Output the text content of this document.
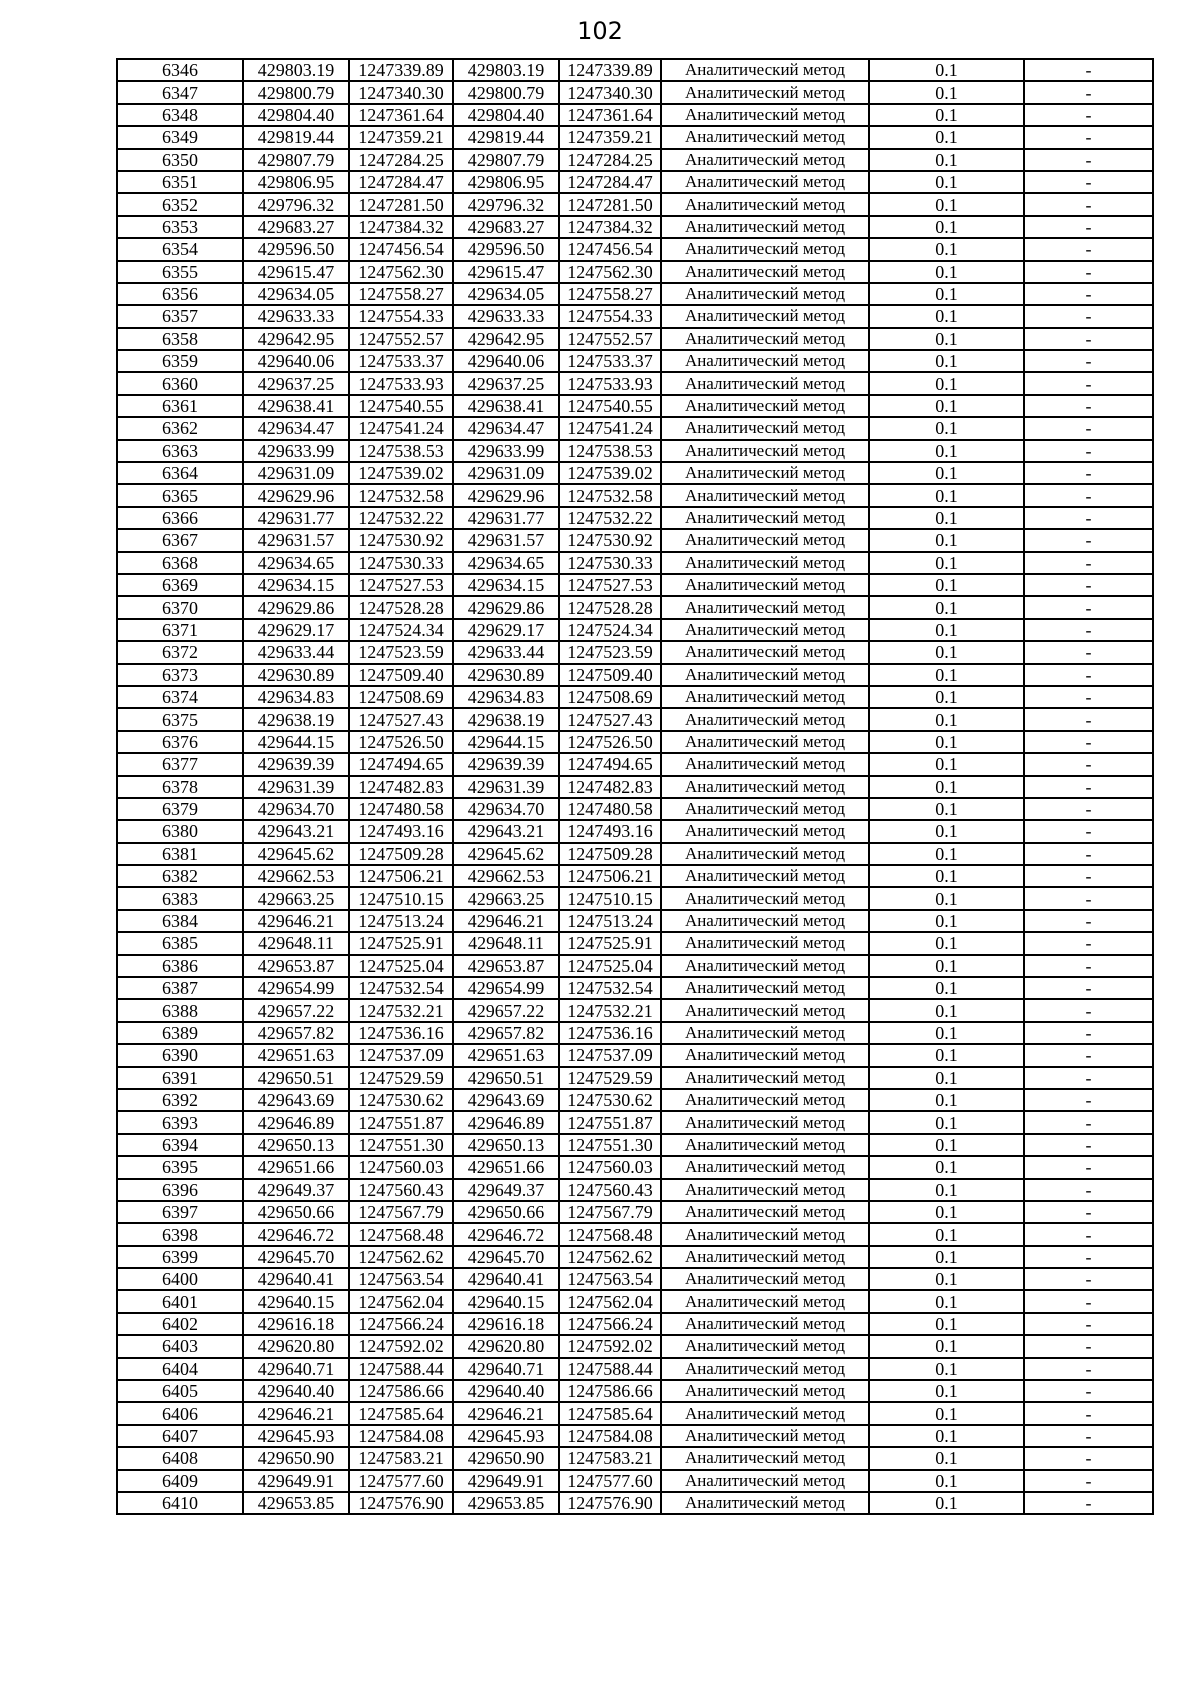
102
6346	429803.19	1247339.89	429803.19	1247339.89	Аналитический метод	0.1	-
6347	429800.79	1247340.30	429800.79	1247340.30	Аналитический метод	0.1	-
6348	429804.40	1247361.64	429804.40	1247361.64	Аналитический метод	0.1	-
6349	429819.44	1247359.21	429819.44	1247359.21	Аналитический метод	0.1	-
6350	429807.79	1247284.25	429807.79	1247284.25	Аналитический метод	0.1	-
6351	429806.95	1247284.47	429806.95	1247284.47	Аналитический метод	0.1	-
6352	429796.32	1247281.50	429796.32	1247281.50	Аналитический метод	0.1	-
6353	429683.27	1247384.32	429683.27	1247384.32	Аналитический метод	0.1	-
6354	429596.50	1247456.54	429596.50	1247456.54	Аналитический метод	0.1	-
6355	429615.47	1247562.30	429615.47	1247562.30	Аналитический метод	0.1	-
6356	429634.05	1247558.27	429634.05	1247558.27	Аналитический метод	0.1	-
6357	429633.33	1247554.33	429633.33	1247554.33	Аналитический метод	0.1	-
6358	429642.95	1247552.57	429642.95	1247552.57	Аналитический метод	0.1	-
6359	429640.06	1247533.37	429640.06	1247533.37	Аналитический метод	0.1	-
6360	429637.25	1247533.93	429637.25	1247533.93	Аналитический метод	0.1	-
6361	429638.41	1247540.55	429638.41	1247540.55	Аналитический метод	0.1	-
6362	429634.47	1247541.24	429634.47	1247541.24	Аналитический метод	0.1	-
6363	429633.99	1247538.53	429633.99	1247538.53	Аналитический метод	0.1	-
6364	429631.09	1247539.02	429631.09	1247539.02	Аналитический метод	0.1	-
6365	429629.96	1247532.58	429629.96	1247532.58	Аналитический метод	0.1	-
6366	429631.77	1247532.22	429631.77	1247532.22	Аналитический метод	0.1	-
6367	429631.57	1247530.92	429631.57	1247530.92	Аналитический метод	0.1	-
6368	429634.65	1247530.33	429634.65	1247530.33	Аналитический метод	0.1	-
6369	429634.15	1247527.53	429634.15	1247527.53	Аналитический метод	0.1	-
6370	429629.86	1247528.28	429629.86	1247528.28	Аналитический метод	0.1	-
6371	429629.17	1247524.34	429629.17	1247524.34	Аналитический метод	0.1	-
6372	429633.44	1247523.59	429633.44	1247523.59	Аналитический метод	0.1	-
6373	429630.89	1247509.40	429630.89	1247509.40	Аналитический метод	0.1	-
6374	429634.83	1247508.69	429634.83	1247508.69	Аналитический метод	0.1	-
6375	429638.19	1247527.43	429638.19	1247527.43	Аналитический метод	0.1	-
6376	429644.15	1247526.50	429644.15	1247526.50	Аналитический метод	0.1	-
6377	429639.39	1247494.65	429639.39	1247494.65	Аналитический метод	0.1	-
6378	429631.39	1247482.83	429631.39	1247482.83	Аналитический метод	0.1	-
6379	429634.70	1247480.58	429634.70	1247480.58	Аналитический метод	0.1	-
6380	429643.21	1247493.16	429643.21	1247493.16	Аналитический метод	0.1	-
6381	429645.62	1247509.28	429645.62	1247509.28	Аналитический метод	0.1	-
6382	429662.53	1247506.21	429662.53	1247506.21	Аналитический метод	0.1	-
6383	429663.25	1247510.15	429663.25	1247510.15	Аналитический метод	0.1	-
6384	429646.21	1247513.24	429646.21	1247513.24	Аналитический метод	0.1	-
6385	429648.11	1247525.91	429648.11	1247525.91	Аналитический метод	0.1	-
6386	429653.87	1247525.04	429653.87	1247525.04	Аналитический метод	0.1	-
6387	429654.99	1247532.54	429654.99	1247532.54	Аналитический метод	0.1	-
6388	429657.22	1247532.21	429657.22	1247532.21	Аналитический метод	0.1	-
6389	429657.82	1247536.16	429657.82	1247536.16	Аналитический метод	0.1	-
6390	429651.63	1247537.09	429651.63	1247537.09	Аналитический метод	0.1	-
6391	429650.51	1247529.59	429650.51	1247529.59	Аналитический метод	0.1	-
6392	429643.69	1247530.62	429643.69	1247530.62	Аналитический метод	0.1	-
6393	429646.89	1247551.87	429646.89	1247551.87	Аналитический метод	0.1	-
6394	429650.13	1247551.30	429650.13	1247551.30	Аналитический метод	0.1	-
6395	429651.66	1247560.03	429651.66	1247560.03	Аналитический метод	0.1	-
6396	429649.37	1247560.43	429649.37	1247560.43	Аналитический метод	0.1	-
6397	429650.66	1247567.79	429650.66	1247567.79	Аналитический метод	0.1	-
6398	429646.72	1247568.48	429646.72	1247568.48	Аналитический метод	0.1	-
6399	429645.70	1247562.62	429645.70	1247562.62	Аналитический метод	0.1	-
6400	429640.41	1247563.54	429640.41	1247563.54	Аналитический метод	0.1	-
6401	429640.15	1247562.04	429640.15	1247562.04	Аналитический метод	0.1	-
6402	429616.18	1247566.24	429616.18	1247566.24	Аналитический метод	0.1	-
6403	429620.80	1247592.02	429620.80	1247592.02	Аналитический метод	0.1	-
6404	429640.71	1247588.44	429640.71	1247588.44	Аналитический метод	0.1	-
6405	429640.40	1247586.66	429640.40	1247586.66	Аналитический метод	0.1	-
6406	429646.21	1247585.64	429646.21	1247585.64	Аналитический метод	0.1	-
6407	429645.93	1247584.08	429645.93	1247584.08	Аналитический метод	0.1	-
6408	429650.90	1247583.21	429650.90	1247583.21	Аналитический метод	0.1	-
6409	429649.91	1247577.60	429649.91	1247577.60	Аналитический метод	0.1	-
6410	429653.85	1247576.90	429653.85	1247576.90	Аналитический метод	0.1	-
